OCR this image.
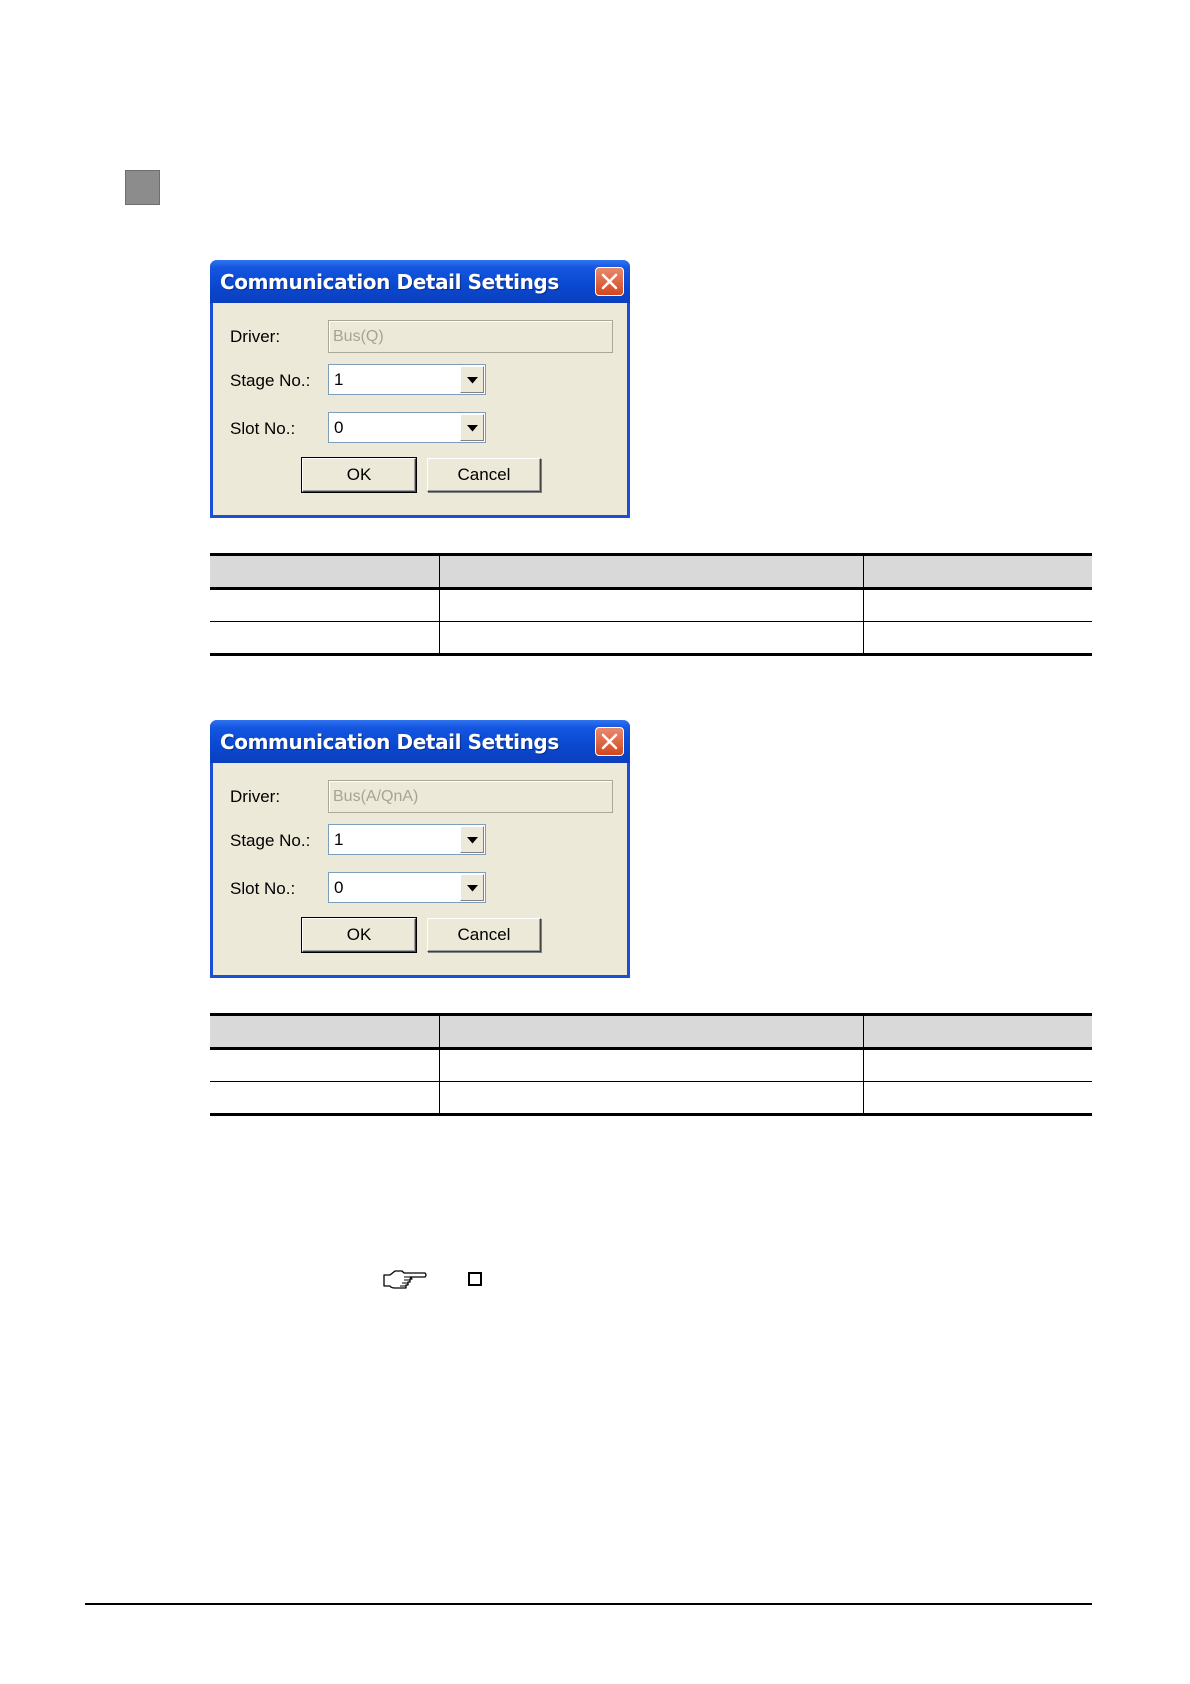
Communication Detail Settings
Driver:	Bus(Q)
Stage No.: 1
Slot No.: 0
OK	Cancel

Communication Detail Settings
Driver:	Bus(A/QnA)
Stage No.: 1
Slot No.: 0
OK	Cancel
